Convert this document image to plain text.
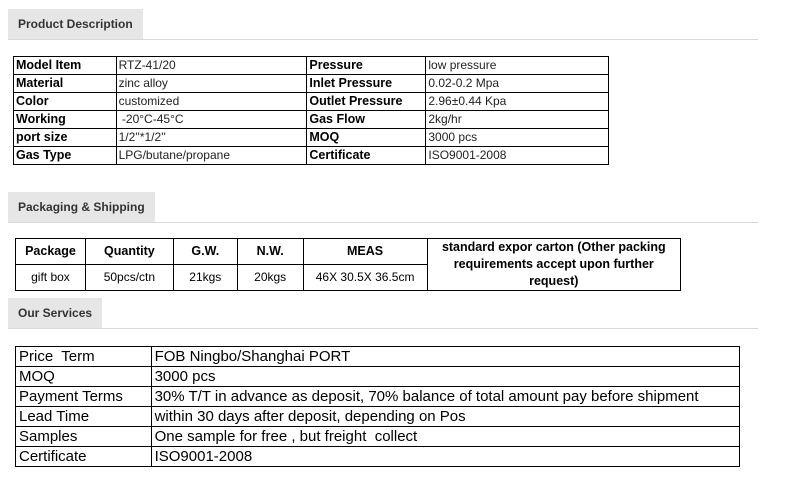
Product Description
Model Item	RTZ-41/20	Pressure	low pressure
Material	zinc alloy	Inlet Pressure	0.02-0.2 Mpa
Color	customized	Outlet Pressure	2.96±0.44 Kpa
Working	-20°C-45°C	Gas Flow	2kg/hr
port size	1/2''*1/2''	MOQ	3000 pcs
Gas Type	LPG/butane/propane	Certificate	ISO9001-2008
Packaging & Shipping
Package	Quantity	G.W.	N.W.	MEAS	standard expor carton (Other packing requirements accept upon further request)
gift box	50pcs/ctn	21kgs	20kgs	46X 30.5X 36.5cm	
Our Services
Price  Term	FOB Ningbo/Shanghai PORT
MOQ	3000 pcs
Payment Terms	30% T/T in advance as deposit, 70% balance of total amount pay before shipment
Lead Time	within 30 days after deposit, depending on Pos
Samples	One sample for free , but freight  collect
Certificate	ISO9001-2008
